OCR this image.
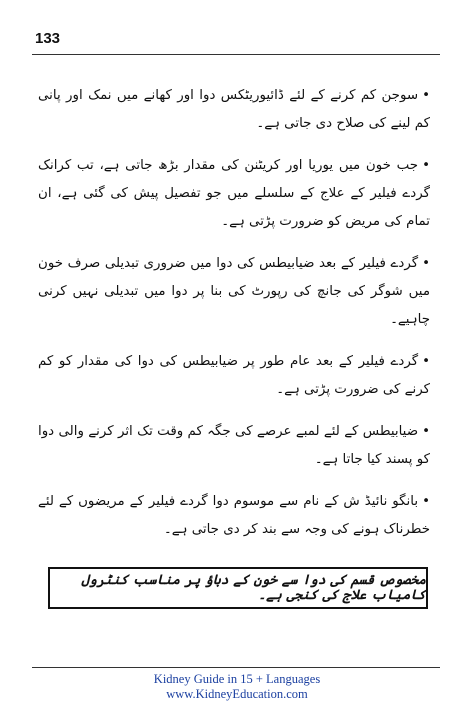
133

•سوجن کم کرنے کے لئے ڈائیوریٹکس دوا اور کھانے میں نمک اور پانی کم لینے کی صلاح دی جاتی ہے۔

•جب خون میں یوریا اور کریٹنن کی مقدار بڑھ جاتی ہے، تب کرانک گردے فیلیر کے علاج کے سلسلے میں جو تفصیل پیش کی گئی ہے، ان تمام کی مریض کو ضرورت پڑتی ہے۔

•گردے فیلیر کے بعد ضیابیطس کی دوا میں ضروری تبدیلی صرف خون میں شوگر کی جانچ کی رپورٹ کی بنا پر دوا میں تبدیلی نہیں کرنی چاہیے۔

•گردے فیلیر کے بعد عام طور پر ضیابیطس کی دوا کی مقدار کو کم کرنے کی ضرورت پڑتی ہے۔

•ضیابیطس کے لئے لمبے عرصے کی جگہ کم وقت تک اثر کرنے والی دوا کو پسند کیا جاتا ہے۔

•بانگو نائیڈ ش کے نام سے موسوم دوا گردے فیلیر کے مریضوں کے لئے خطرناک ہونے کی وجہ سے بند کر دی جاتی ہے۔

مخصوص قسم کی دوا سے خون کے دباؤ پر مناسب کنٹرول کامیاب علاج کی کنجی ہے۔
Kidney Guide in 15 + Languages
www.KidneyEducation.com
